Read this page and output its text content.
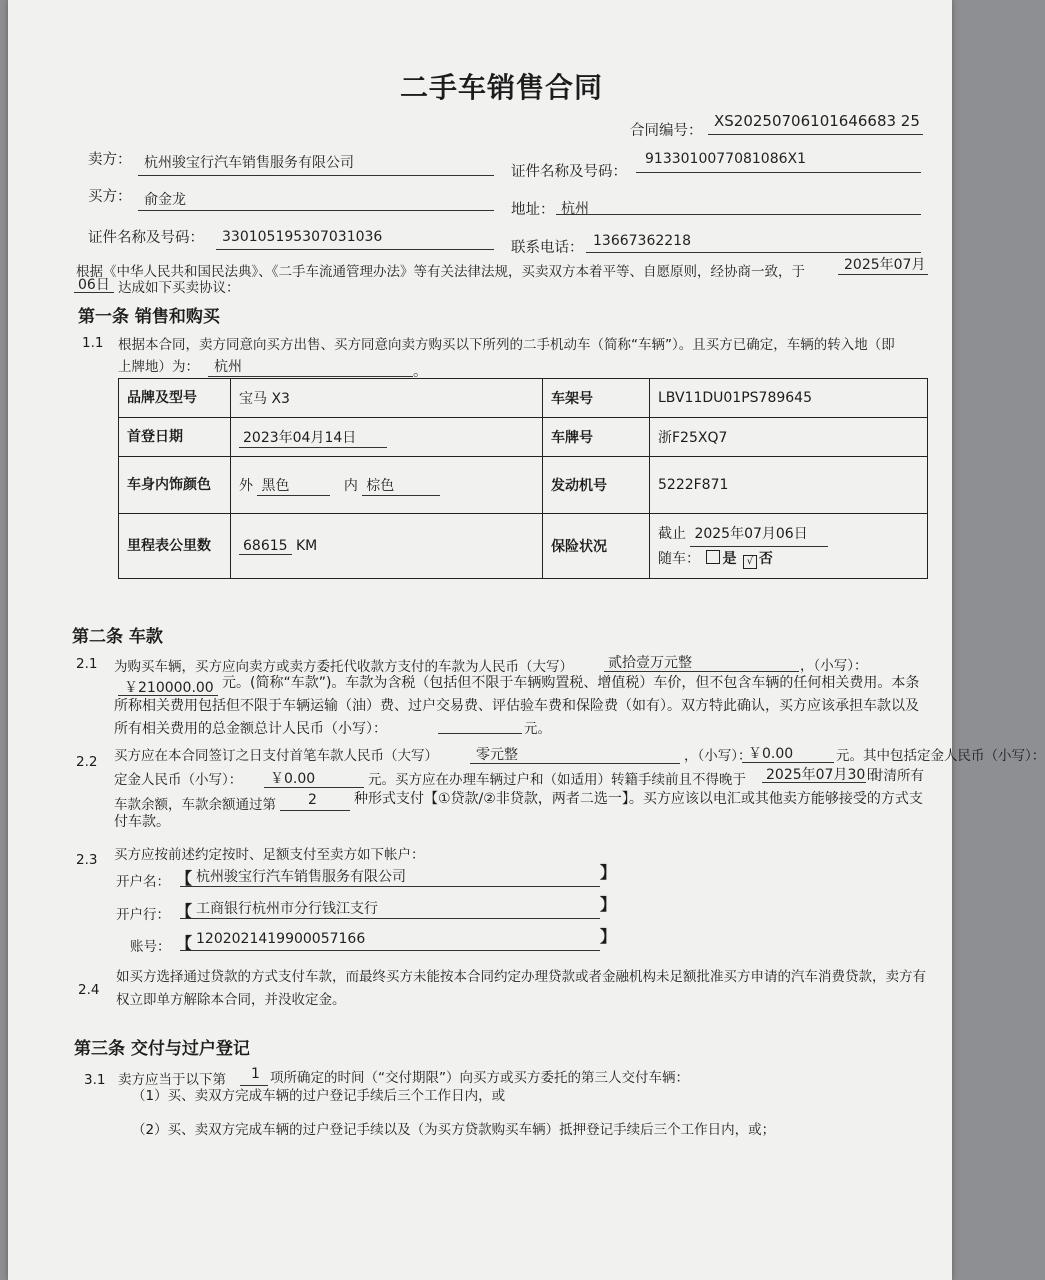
二手车销售合同
合同编号：
XS20250706101646683 25
卖方： 杭州骏宝行汽车销售服务有限公司
证件名称及号码：
9133010077081086X1
买方： 俞金龙
地址： 杭州
证件名称及号码： 330105195307031036
联系电话： 13667362218
根据《中华人民共和国民法典》、《二手车流通管理办法》等有关法律法规，买卖双方本着平等、自愿原则，经协商一致，于	2025年07月
06日 达成如下买卖协议：
第一条 销售和购买
1.1 根据本合同，卖方同意向买方出售、买方同意向卖方购买以下所列的二手机动车（简称“车辆”）。且买方已确定，车辆的转入地（即
上牌地）为： 杭州	。
品牌及型号	宝马 X3	车架号	LBV11DU01PS789645
首登日期	2023年04月14日	车牌号	浙F25XQ7
车身内饰颜色	外 黑色 内 棕色	发动机号	5222F871
里程表公里数	68615 KM	保险状况	截止 2025年07月06日
随车： 是 √ 否
第二条 车款
2.1 为购买车辆，买方应向卖方或卖方委托代收款方支付的车款为人民币（大写）	贰拾壹万元整	，（小写）：
￥210000.00 元。(简称“车款”)。车款为含税（包括但不限于车辆购置税、增值税）车价，但不包含车辆的任何相关费用。本条所称相关费用包括但不限于车辆运输（油）费、过户交易费、评估验车费和保险费（如有）。双方特此确认，买方应该承担车款以及所有相关费用的总金额总计人民币（小写）：	元。
2.2 买方应在本合同签订之日支付首笔车款人民币（大写）	零元整	，（小写）：
￥0.00	元。其中包括定金人民币（小写）：
定金人民币（小写）： ￥0.00	元。买方应在办理车辆过户和（如适用）转籍手续前且不得晚于 2025年07月30日
付清所有
车款余额，车款余额通过第 2	种形式支付【①贷款/②非贷款，两者二选一】。买方应该以电汇或其他卖方能够接受的方式支付车款。
2.3 买方应按前述约定按时、足额支付至卖方如下帐户：
开户名： 【 杭州骏宝行汽车销售服务有限公司	】
开户行： 【 工商银行杭州市分行钱江支行	】
账号： 【 1202021419900057166	】
2.4
如买方选择通过贷款的方式支付车款，而最终买方未能按本合同约定办理贷款或者金融机构未足额批准买方申请的汽车消费贷款，卖方有权立即单方解除本合同，并没收定金。
第三条 交付与过户登记
3.1 卖方应当于以下第 1 项所确定的时间（“交付期限”）向买方或买方委托的第三人交付车辆：
（1）买、卖双方完成车辆的过户登记手续后三个工作日内，或
（2）买、卖双方完成车辆的过户登记手续以及（为买方贷款购买车辆）抵押登记手续后三个工作日内，或；
